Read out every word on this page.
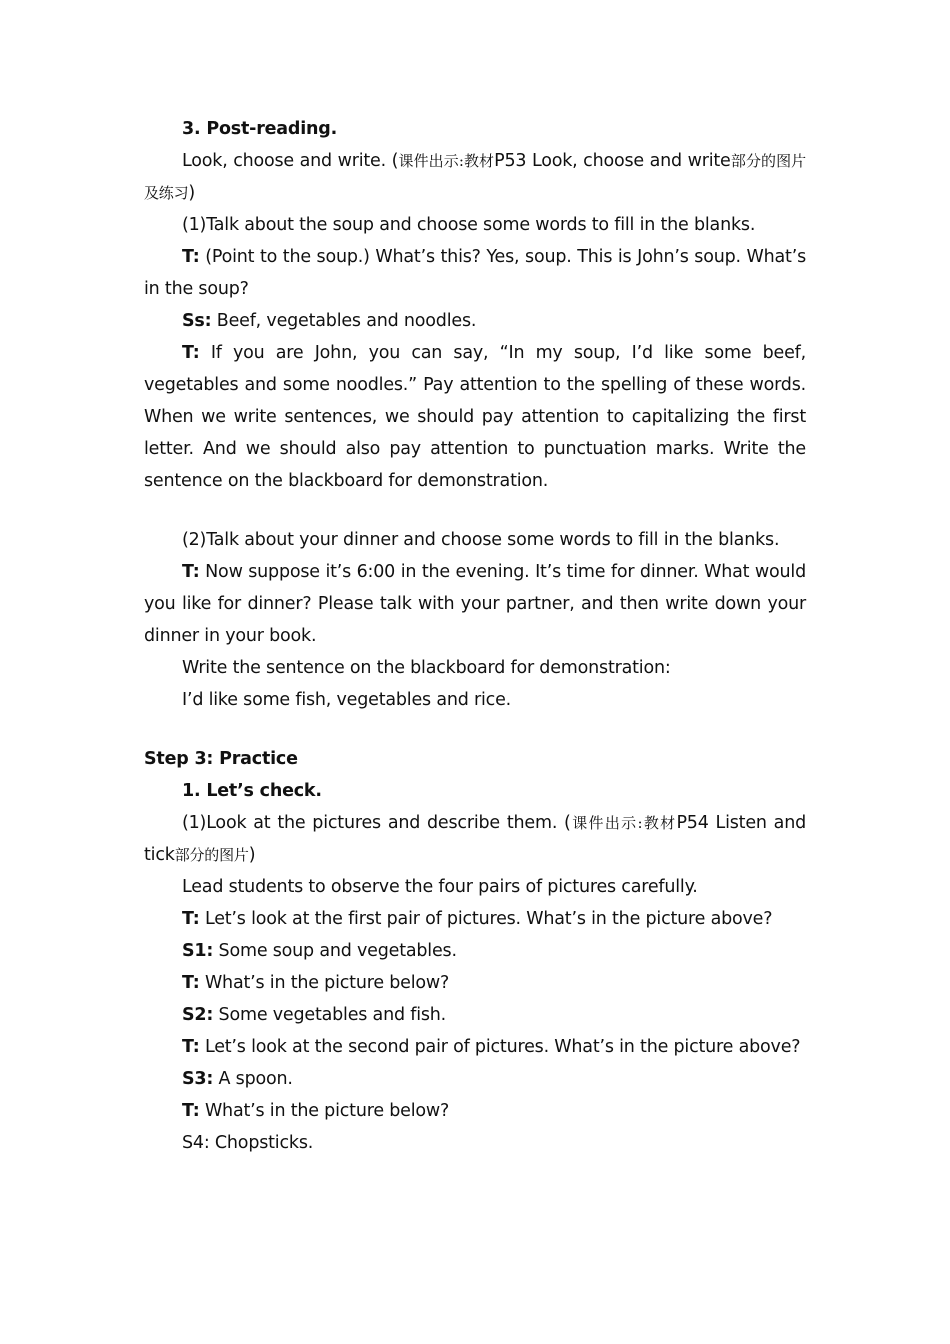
3. Post-reading.

Look, choose and write. (课件出示:教材P53 Look, choose and write部分的图片及练习)

(1)Talk about the soup and choose some words to fill in the blanks.

T: (Point to the soup.) What’s this? Yes, soup. This is John’s soup. What’s in the soup?

Ss: Beef, vegetables and noodles.

T: If you are John, you can say, “In my soup, I’d like some beef, vegetables and some noodles.” Pay attention to the spelling of these words. When we write sentences, we should pay attention to capitalizing the first letter. And we should also pay attention to punctuation marks. Write the sentence on the blackboard for demonstration.

(2)Talk about your dinner and choose some words to fill in the blanks.

T: Now suppose it’s 6:00 in the evening. It’s time for dinner. What would you like for dinner? Please talk with your partner, and then write down your dinner in your book.

Write the sentence on the blackboard for demonstration:

I’d like some fish, vegetables and rice.

Step 3: Practice

1. Let’s check.

(1)Look at the pictures and describe them. (课件出示:教材P54 Listen and tick部分的图片)

Lead students to observe the four pairs of pictures carefully.

T: Let’s look at the first pair of pictures. What’s in the picture above?

S1: Some soup and vegetables.

T: What’s in the picture below?

S2: Some vegetables and fish.

T: Let’s look at the second pair of pictures. What’s in the picture above?

S3: A spoon.

T: What’s in the picture below?

S4: Chopsticks.
